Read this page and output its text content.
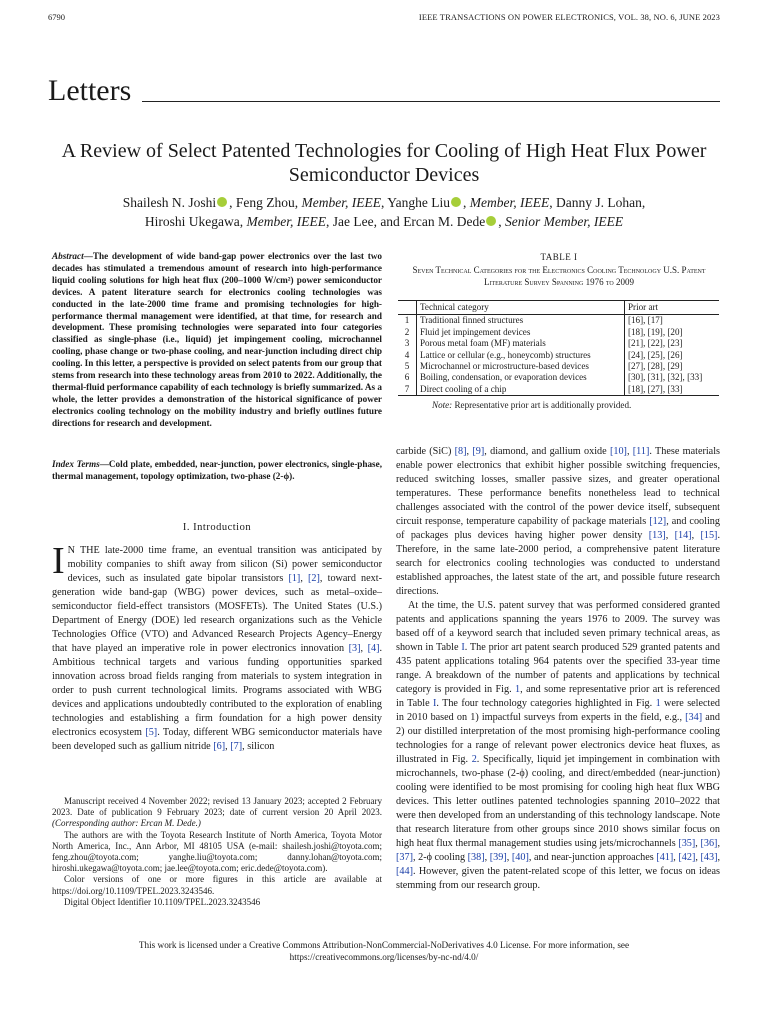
6790	IEEE TRANSACTIONS ON POWER ELECTRONICS, VOL. 38, NO. 6, JUNE 2023
Letters
A Review of Select Patented Technologies for Cooling of High Heat Flux Power Semiconductor Devices
Shailesh N. Joshi , Feng Zhou, Member, IEEE, Yanghe Liu , Member, IEEE, Danny J. Lohan,
Hiroshi Ukegawa, Member, IEEE, Jae Lee, and Ercan M. Dede , Senior Member, IEEE
Abstract—The development of wide band-gap power electronics over the last two decades has stimulated a tremendous amount of research into high-performance liquid cooling solutions for high heat flux (200–1000 W/cm²) power semiconductor devices. A patent literature search for electronics cooling technologies was conducted in the late-2000 time frame and promising technologies for high-performance thermal management were identified, at that time, for research and development. These promising technologies were separated into four categories classified as single-phase (i.e., liquid) jet impingement cooling, microchannel cooling, phase change or two-phase cooling, and near-junction including direct chip cooling. In this letter, a perspective is provided on select patents from our group that stems from research into these technology areas from 2010 to 2022. Additionally, the thermal-fluid performance capability of each technology is briefly summarized. As a whole, the letter provides a demonstration of the historical significance of power electronics cooling technology on the mobility industry and briefly outlines future directions for research and development.
Index Terms—Cold plate, embedded, near-junction, power electronics, single-phase, thermal management, topology optimization, two-phase (2-ϕ).
I. Introduction

I N THE late-2000 time frame, an eventual transition was anticipated by mobility companies to shift away from silicon (Si) power semiconductor devices, such as insulated gate bipolar transistors [1], [2], toward next-generation wide band-gap (WBG) power devices, such as metal–oxide–semiconductor field-effect transistors (MOSFETs). The United States (U.S.) Department of Energy (DOE) led research organizations such as the Vehicle Technologies Office (VTO) and Advanced Research Projects Agency–Energy that have played an imperative role in power electronics innovation [3], [4]. Ambitious technical targets and various funding opportunities sparked innovation across broad fields ranging from materials to system integration in order to push current technological limits. Programs associated with WBG devices and applications undoubtedly contributed to the exploration of enabling technologies and establishing a firm foundation for a high power density electronics ecosystem [5]. Today, different WBG semiconductor materials have been developed such as gallium nitride [6], [7], silicon

Manuscript received 4 November 2022; revised 13 January 2023; accepted 2 February 2023. Date of publication 9 February 2023; date of current version 20 April 2023. (Corresponding author: Ercan M. Dede.)
The authors are with the Toyota Research Institute of North America, Toyota Motor North America, Inc., Ann Arbor, MI 48105 USA (e-mail: shailesh.joshi@toyota.com; feng.zhou@toyota.com; yanghe.liu@toyota.com; danny.lohan@toyota.com; hiroshi.ukegawa@toyota.com; jae.lee@toyota.com; eric.dede@toyota.com).
Color versions of one or more figures in this article are available at https://doi.org/10.1109/TPEL.2023.3243546.
Digital Object Identifier 10.1109/TPEL.2023.3243546
TABLE I
Seven Technical Categories for the Electronics Cooling Technology U.S. Patent Literature Survey Spanning 1976 to 2009
	Technical category	Prior art
1	Traditional finned structures	[16], [17]
2	Fluid jet impingement devices	[18], [19], [20]
3	Porous metal foam (MF) materials	[21], [22], [23]
4	Lattice or cellular (e.g., honeycomb) structures	[24], [25], [26]
5	Microchannel or microstructure-based devices	[27], [28], [29]
6	Boiling, condensation, or evaporation devices	[30], [31], [32], [33]
7	Direct cooling of a chip	[18], [27], [33]
Note: Representative prior art is additionally provided.

carbide (SiC) [8], [9], diamond, and gallium oxide [10], [11]. These materials enable power electronics that exhibit higher possible switching frequencies, reduced switching losses, smaller passive sizes, and greater operational temperatures. These performance benefits nonetheless lead to technical challenges associated with the control of the power device itself, subsequent circuit response, temperature capability of package materials [12], and cooling of packages plus devices having higher power density [13], [14], [15]. Therefore, in the same late-2000 period, a comprehensive patent literature search for electronics cooling technologies was conducted to understand established approaches, the latest state of the art, and possible future research directions.

At the time, the U.S. patent survey that was performed considered granted patents and applications spanning the years 1976 to 2009. The survey was based off of a keyword search that included seven primary technical areas, as shown in Table I. The prior art patent search produced 529 granted patents and 435 patent applications totaling 964 patents over the specified 33-year time range. A breakdown of the number of patents and applications by technical category is provided in Fig. 1, and some representative prior art is referenced in Table I. The four technology categories highlighted in Fig. 1 were selected in 2010 based on 1) impactful surveys from experts in the field, e.g., [34] and 2) our distilled interpretation of the most promising high-performance cooling technologies for a range of relevant power electronics device heat fluxes, as illustrated in Fig. 2. Specifically, liquid jet impingement in combination with microchannels, two-phase (2-ϕ) cooling, and direct/embedded (near-junction) cooling were identified to be most promising for cooling high heat flux WBG devices. This letter outlines patented technologies spanning 2010–2022 that were then developed from an understanding of this technology landscape. Note that research literature from other groups since 2010 shows similar focus on high heat flux thermal management studies using jets/microchannels [35], [36], [37], 2-ϕ cooling [38], [39], [40], and near-junction approaches [41], [42], [43], [44]. However, given the patent-related scope of this letter, we focus on ideas stemming from our research group.

This work is licensed under a Creative Commons Attribution-NonCommercial-NoDerivatives 4.0 License. For more information, see
https://creativecommons.org/licenses/by-nc-nd/4.0/
